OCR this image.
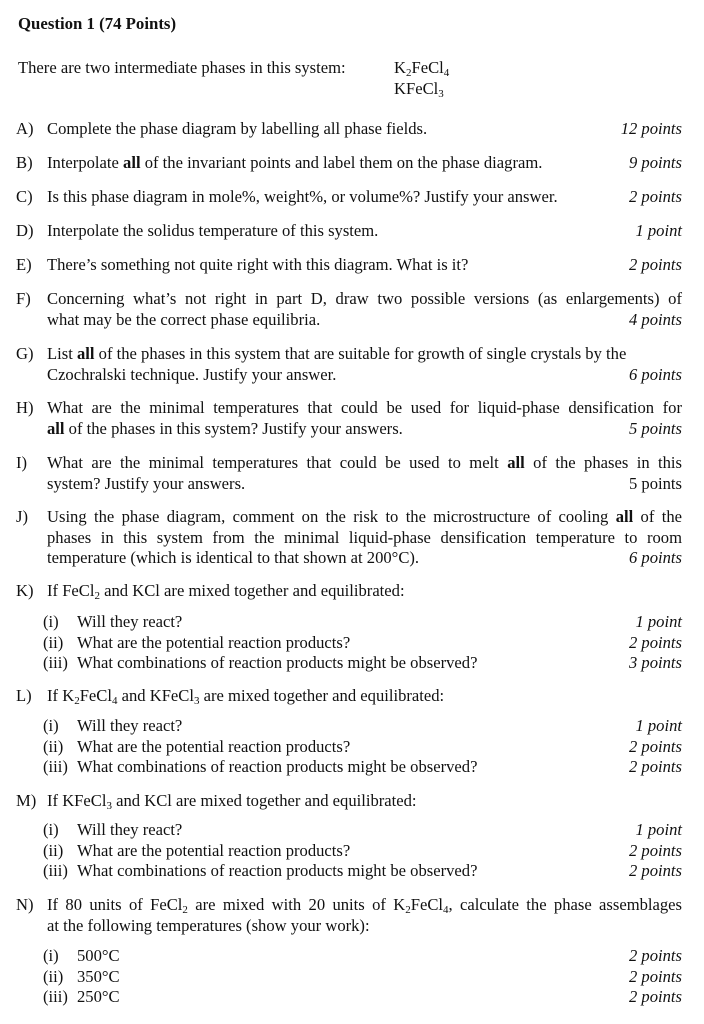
Question 1 (74 Points)
There are two intermediate phases in this system:	$K_2FeCl_4$
KFeCl$_3$
A) Complete the phase diagram by labelling all phase fields.	12 points
B) Interpolate all of the invariant points and label them on the phase diagram.	9 points
C) Is this phase diagram in mole%, weight%, or volume%? Justify your answer.	2 points
D) Interpolate the solidus temperature of this system.	1 point
E) There’s something not quite right with this diagram. What is it?	2 points
F) Concerning what’s not right in part D, draw two possible versions (as enlargements) of
what may be the correct phase equilibria.	4 points
G) List all of the phases in this system that are suitable for growth of single crystals by the
Czochralski technique. Justify your answer.	6 points
H) What are the minimal temperatures that could be used for liquid-phase densification for
all of the phases in this system? Justify your answers.	5 points
I) What are the minimal temperatures that could be used to melt all of the phases in this
system? Justify your answers.	5 points
J) Using the phase diagram, comment on the risk to the microstructure of cooling all of the
phases in this system from the minimal liquid-phase densification temperature to room
temperature (which is identical to that shown at 200°C).	6 points
K) If FeCl$_2$ and KCl are mixed together and equilibrated:
(i) Will they react?	1 point
(ii) What are the potential reaction products?	2 points
(iii) What combinations of reaction products might be observed?	3 points
L) If $K_2FeCl_4$ and KFeCl$_3$ are mixed together and equilibrated:
(i) Will they react?	1 point
(ii) What are the potential reaction products?	2 points
(iii) What combinations of reaction products might be observed?	2 points
M) If KFeCl$_3$ and KCl are mixed together and equilibrated:
(i) Will they react?	1 point
(ii) What are the potential reaction products?	2 points
(iii) What combinations of reaction products might be observed?	2 points
N) If 80 units of FeCl$_2$ are mixed with 20 units of $K_2FeCl_4$, calculate the phase assemblages
at the following temperatures (show your work):
(i) 500°C	2 points
(ii) 350°C	2 points
(iii) 250°C	2 points
